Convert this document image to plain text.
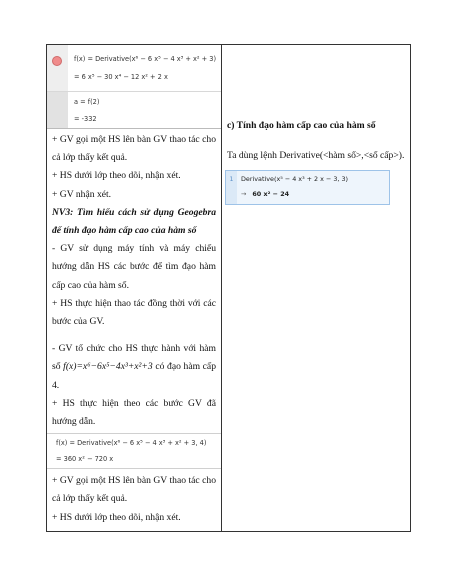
f(x) = Derivative(x⁶ − 6 x⁵ − 4 x³ + x² + 3)
= 6 x⁵ − 30 x⁴ − 12 x² + 2 x
a = f(2)
= -332

+ GV gọi một HS lên bàn GV thao tác cho cả lớp thấy kết quả.

+ HS dưới lớp theo dõi, nhận xét.

+ GV nhận xét.

NV3: Tìm hiểu cách sử dụng Geogebra để tính đạo hàm cấp cao của hàm số

- GV sử dụng máy tính và máy chiếu hướng dẫn HS các bước để tìm đạo hàm cấp cao của hàm số.

+ HS thực hiện thao tác đồng thời với các bước của GV.

- GV tổ chức cho HS thực hành với hàm số f(x)=x⁶−6x⁵−4x³+x²+3 có đạo hàm cấp 4.

+ HS thực hiện theo các bước GV đã hướng dẫn.

f(x) = Derivative(x⁶ − 6 x⁵ − 4 x³ + x² + 3, 4)
= 360 x² − 720 x

+ GV gọi một HS lên bàn GV thao tác cho cả lớp thấy kết quả.

+ HS dưới lớp theo dõi, nhận xét.

c) Tính đạo hàm cấp cao của hàm số

Ta dùng lệnh Derivative(<hàm số>,<số cấp>).

1	Derivative(x⁵ − 4 x³ + 2 x − 3, 3)
→ 60 x² − 24
